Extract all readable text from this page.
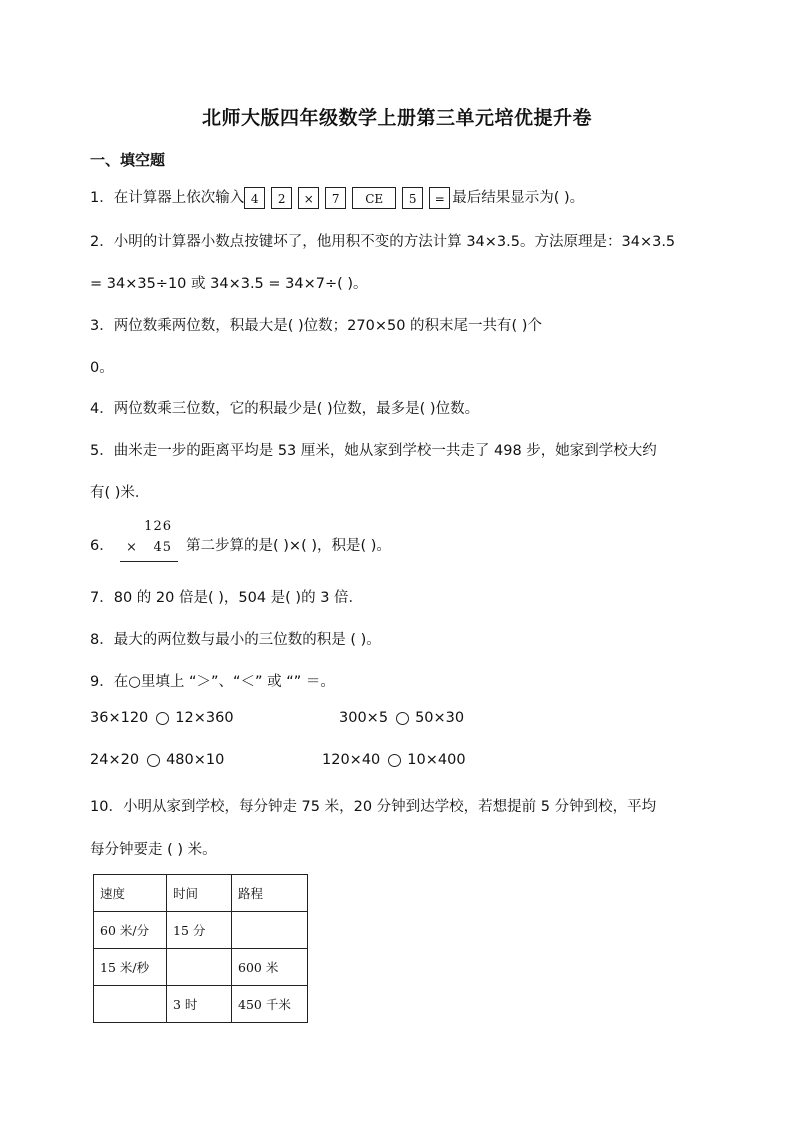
北师大版四年级数学上册第三单元培优提升卷
一、填空题
1．在计算器上依次输入 4 2 × 7 CE 5 = 最后结果显示为( )。
2．小明的计算器小数点按键坏了，他用积不变的方法计算 34×3.5。方法原理是：34×3.5
= 34×35÷10 或 34×3.5 = 34×7÷( )。
3．两位数乘两位数，积最大是( )位数；270×50 的积末尾一共有( )个
0。
4．两位数乘三位数，它的积最少是( )位数，最多是( )位数。
5．曲米走一步的距离平均是 53 厘米，她从家到学校一共走了 498 步，她家到学校大约
有( )米．
6．
126
× 45 第二步算的是( )×( )，积是( )。
7．80 的 20 倍是( )，504 是( )的 3 倍．
8．最大的两位数与最小的三位数的积是 ( )。
9．在○里填上 “＞”、“＜” 或 “” ＝。
36×120 12×360	300×5 50×30
24×20 480×10	120×40 10×400
10．小明从家到学校，每分钟走 75 米，20 分钟到达学校，若想提前 5 分钟到校，平均
每分钟要走 ( ) 米。
速度	时间	路程
60 米/分	15 分	
15 米/秒		600 米
	3 时	450 千米
